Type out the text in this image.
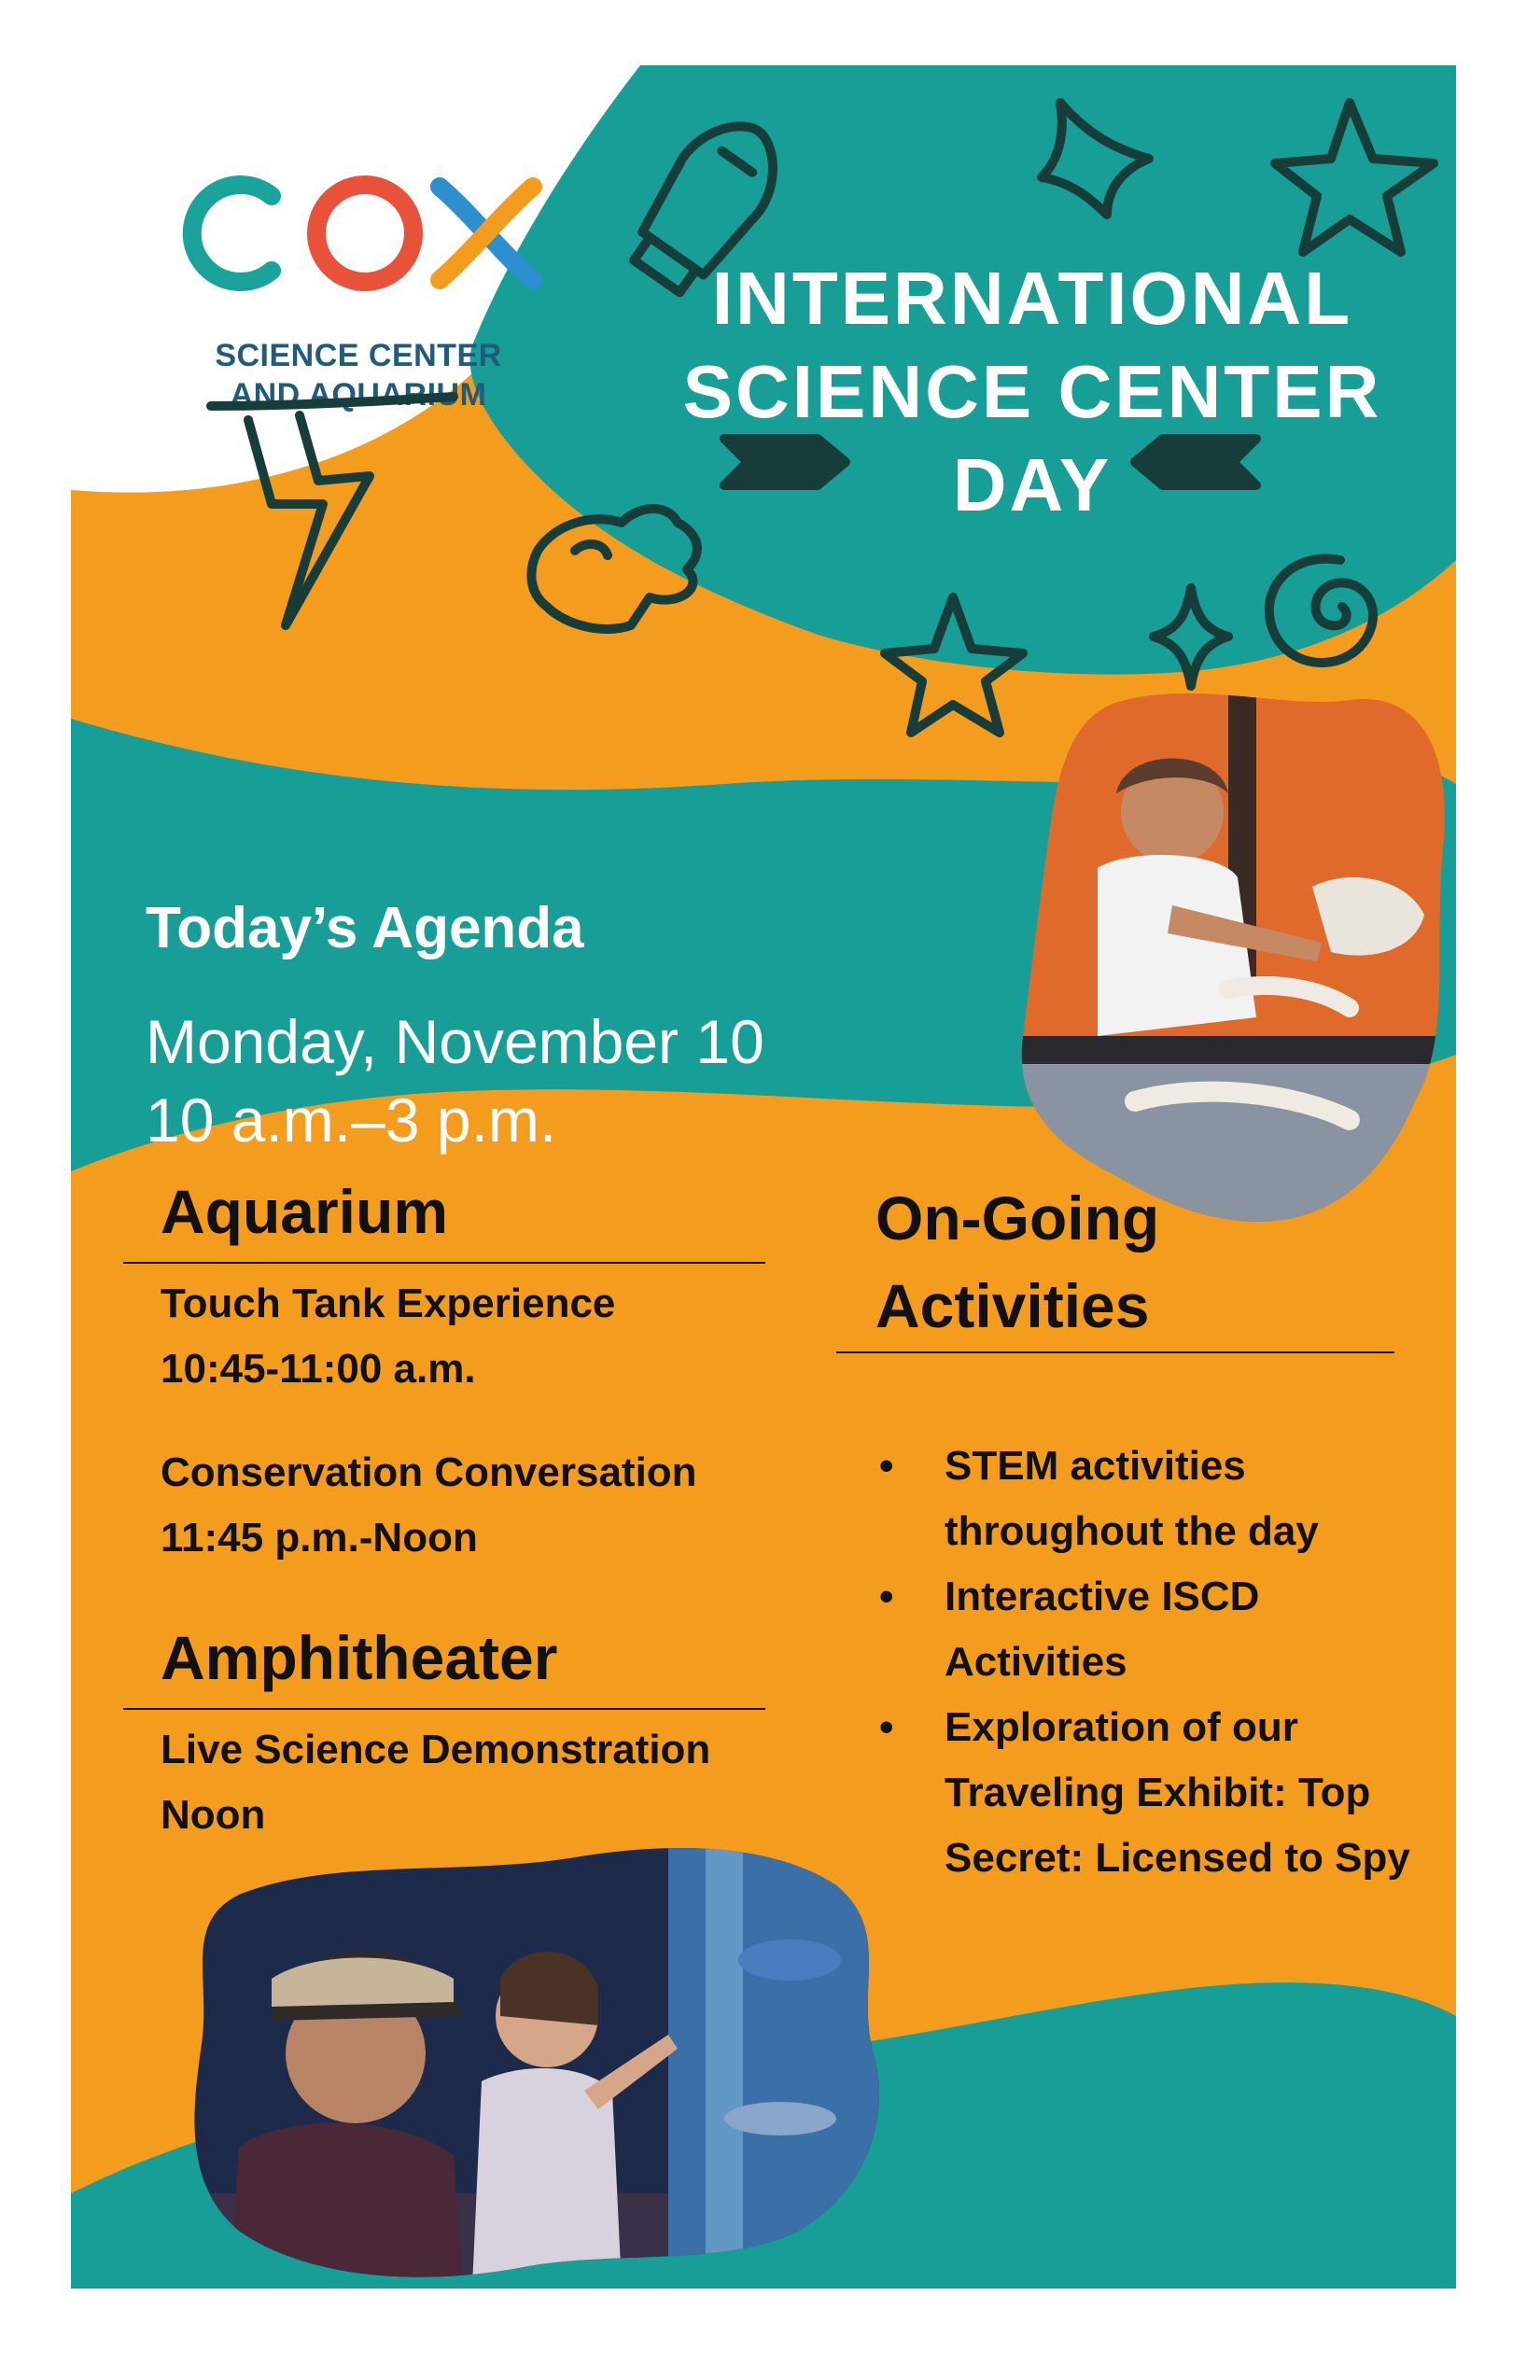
SCIENCE CENTER
AND AQUARIUM
INTERNATIONAL
SCIENCE CENTER
DAY
Today’s Agenda
Monday, November 10
10 a.m.–3 p.m.
Aquarium
Touch Tank Experience
10:45-11:00 a.m.
Conservation Conversation
11:45 p.m.-Noon
Amphitheater
Live Science Demonstration
Noon
On-Going
Activities
• STEM activities throughout the day
• Interactive ISCD Activities
• Exploration of our Traveling Exhibit: Top Secret: Licensed to Spy
